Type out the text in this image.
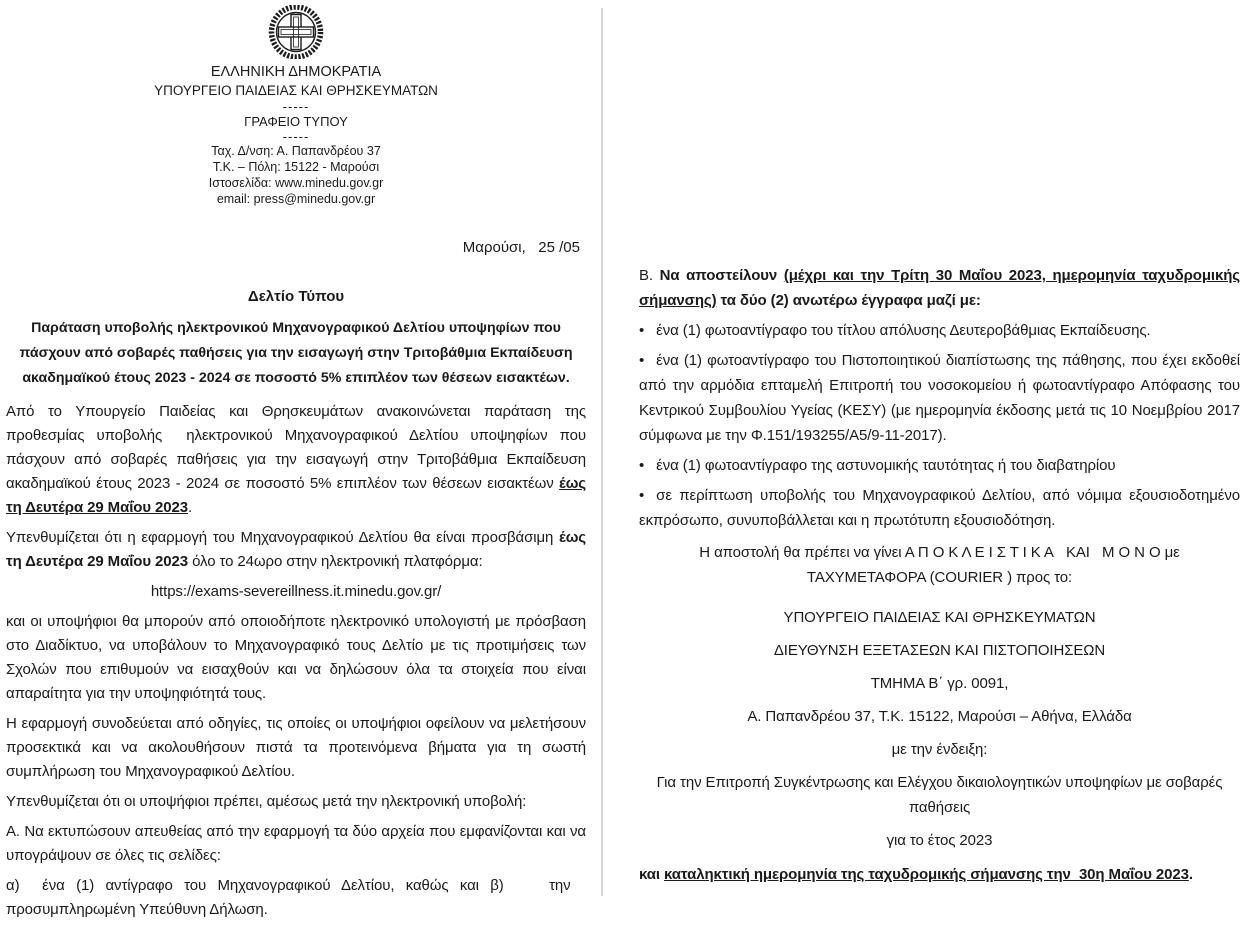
ΕΛΛΗΝΙΚΗ ΔΗΜΟΚΡΑΤΙΑ
ΥΠΟΥΡΓΕΙΟ ΠΑΙΔΕΙΑΣ ΚΑΙ ΘΡΗΣΚΕΥΜΑΤΩΝ
-----
ΓΡΑΦΕΙΟ ΤΥΠΟΥ
-----
Ταχ. Δ/νση: Α. Παπανδρέου 37
Τ.Κ. – Πόλη: 15122 - Μαρούσι
Ιστοσελίδα: www.minedu.gov.gr
email: press@minedu.gov.gr
Μαρούσι,   25 /05
Δελτίο Τύπου
Παράταση υποβολής ηλεκτρονικού Μηχανογραφικού Δελτίου υποψηφίων που πάσχουν από σοβαρές παθήσεις για την εισαγωγή στην Τριτοβάθμια Εκπαίδευση ακαδημαϊκού έτους 2023 - 2024 σε ποσοστό 5% επιπλέον των θέσεων εισακτέων.

Από το Υπουργείο Παιδείας και Θρησκευμάτων ανακοινώνεται παράταση της προθεσμίας υποβολής  ηλεκτρονικού Μηχανογραφικού Δελτίου υποψηφίων που πάσχουν από σοβαρές παθήσεις για την εισαγωγή στην Τριτοβάθμια Εκπαίδευση ακαδημαϊκού έτους 2023 - 2024 σε ποσοστό 5% επιπλέον των θέσεων εισακτέων έως τη Δευτέρα 29 Μαΐου 2023.

Υπενθυμίζεται ότι η εφαρμογή του Μηχανογραφικού Δελτίου θα είναι προσβάσιμη έως τη Δευτέρα 29 Μαΐου 2023 όλο το 24ωρο στην ηλεκτρονική πλατφόρμα:

https://exams-severeillness.it.minedu.gov.gr/

και οι υποψήφιοι θα μπορούν από οποιοδήποτε ηλεκτρονικό υπολογιστή με πρόσβαση στο Διαδίκτυο, να υποβάλουν το Μηχανογραφικό τους Δελτίο με τις προτιμήσεις των Σχολών που επιθυμούν να εισαχθούν και να δηλώσουν όλα τα στοιχεία που είναι απαραίτητα για την υποψηφιότητά τους.

Η εφαρμογή συνοδεύεται από οδηγίες, τις οποίες οι υποψήφιοι οφείλουν να μελετήσουν προσεκτικά και να ακολουθήσουν πιστά τα προτεινόμενα βήματα για τη σωστή συμπλήρωση του Μηχανογραφικού Δελτίου.

Υπενθυμίζεται ότι οι υποψήφιοι πρέπει, αμέσως μετά την ηλεκτρονική υποβολή:

Α. Να εκτυπώσουν απευθείας από την εφαρμογή τα δύο αρχεία που εμφανίζονται και να υπογράψουν σε όλες τις σελίδες:

α)  ένα (1) αντίγραφο του Μηχανογραφικού Δελτίου, καθώς και β)    την   προσυμπληρωμένη Υπεύθυνη Δήλωση.

Β. Να αποστείλουν (μέχρι και την Τρίτη 30 Μαΐου 2023, ημερομηνία ταχυδρομικής σήμανσης) τα δύο (2) ανωτέρω έγγραφα μαζί με:

• ένα (1) φωτοαντίγραφο του τίτλου απόλυσης Δευτεροβάθμιας Εκπαίδευσης.

• ένα (1) φωτοαντίγραφο του Πιστοποιητικού διαπίστωσης της πάθησης, που έχει εκδοθεί από την αρμόδια επταμελή Επιτροπή του νοσοκομείου ή φωτοαντίγραφο Απόφασης του Κεντρικού Συμβουλίου Υγείας (ΚΕΣΥ) (με ημερομηνία έκδοσης μετά τις 10 Νοεμβρίου 2017 σύμφωνα με την Φ.151/193255/Α5/9-11-2017).

• ένα (1) φωτοαντίγραφο της αστυνομικής ταυτότητας ή του διαβατηρίου

• σε περίπτωση υποβολής του Μηχανογραφικού Δελτίου, από νόμιμα εξουσιοδοτημένο εκπρόσωπο, συνυποβάλλεται και η πρωτότυπη εξουσιοδότηση.

Η αποστολή θα πρέπει να γίνει Α Π Ο Κ Λ Ε Ι Σ Τ Ι Κ Α   ΚΑΙ   Μ Ο Ν Ο με ΤΑΧΥΜΕΤΑΦΟΡΑ (COURIER ) προς το:

ΥΠΟΥΡΓΕΙΟ ΠΑΙΔΕΙΑΣ ΚΑΙ ΘΡΗΣΚΕΥΜΑΤΩΝ

ΔΙΕΥΘΥΝΣΗ ΕΞΕΤΑΣΕΩΝ ΚΑΙ ΠΙΣΤΟΠΟΙΗΣΕΩΝ

ΤΜΗΜΑ Β΄ γρ. 0091,

Α. Παπανδρέου 37, Τ.Κ. 15122, Μαρούσι – Αθήνα, Ελλάδα

με την ένδειξη:

Για την Επιτροπή Συγκέντρωσης και Ελέγχου δικαιολογητικών υποψηφίων με σοβαρές παθήσεις

για το έτος 2023

και καταληκτική ημερομηνία της ταχυδρομικής σήμανσης την  30η Μαΐου 2023.
